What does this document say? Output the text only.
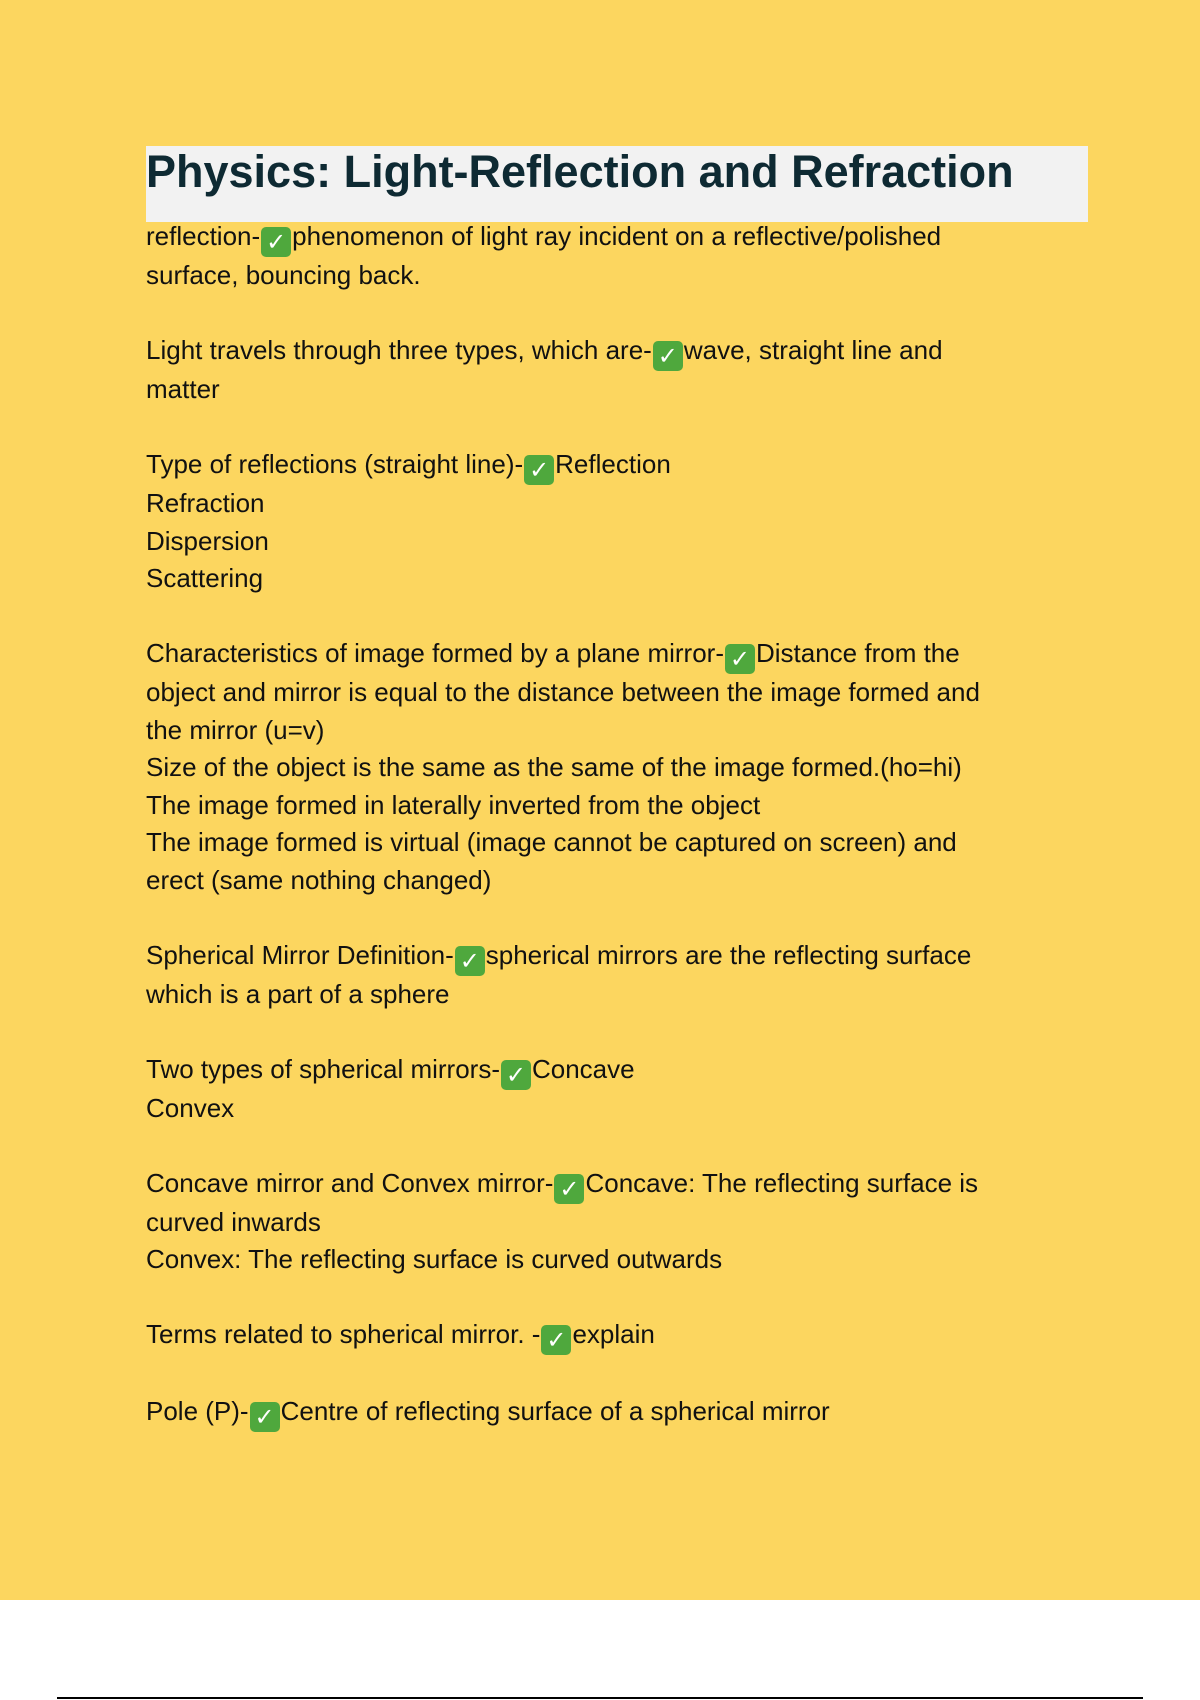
Physics: Light-Reflection and Refraction
reflection- ✓ phenomenon of light ray incident on a reflective/polished
surface, bouncing back.
Light travels through three types, which are- ✓ wave, straight line and
matter
Type of reflections (straight line)- ✓ Reflection
Refraction
Dispersion
Scattering
Characteristics of image formed by a plane mirror- ✓ Distance from the
object and mirror is equal to the distance between the image formed and
the mirror (u=v)
Size of the object is the same as the same of the image formed.(ho=hi)
The image formed in laterally inverted from the object
The image formed is virtual (image cannot be captured on screen) and
erect (same nothing changed)
Spherical Mirror Definition- ✓ spherical mirrors are the reflecting surface
which is a part of a sphere
Two types of spherical mirrors- ✓ Concave
Convex
Concave mirror and Convex mirror- ✓ Concave: The reflecting surface is
curved inwards
Convex: The reflecting surface is curved outwards
Terms related to spherical mirror. - ✓ explain
Pole (P)- ✓ Centre of reflecting surface of a spherical mirror
